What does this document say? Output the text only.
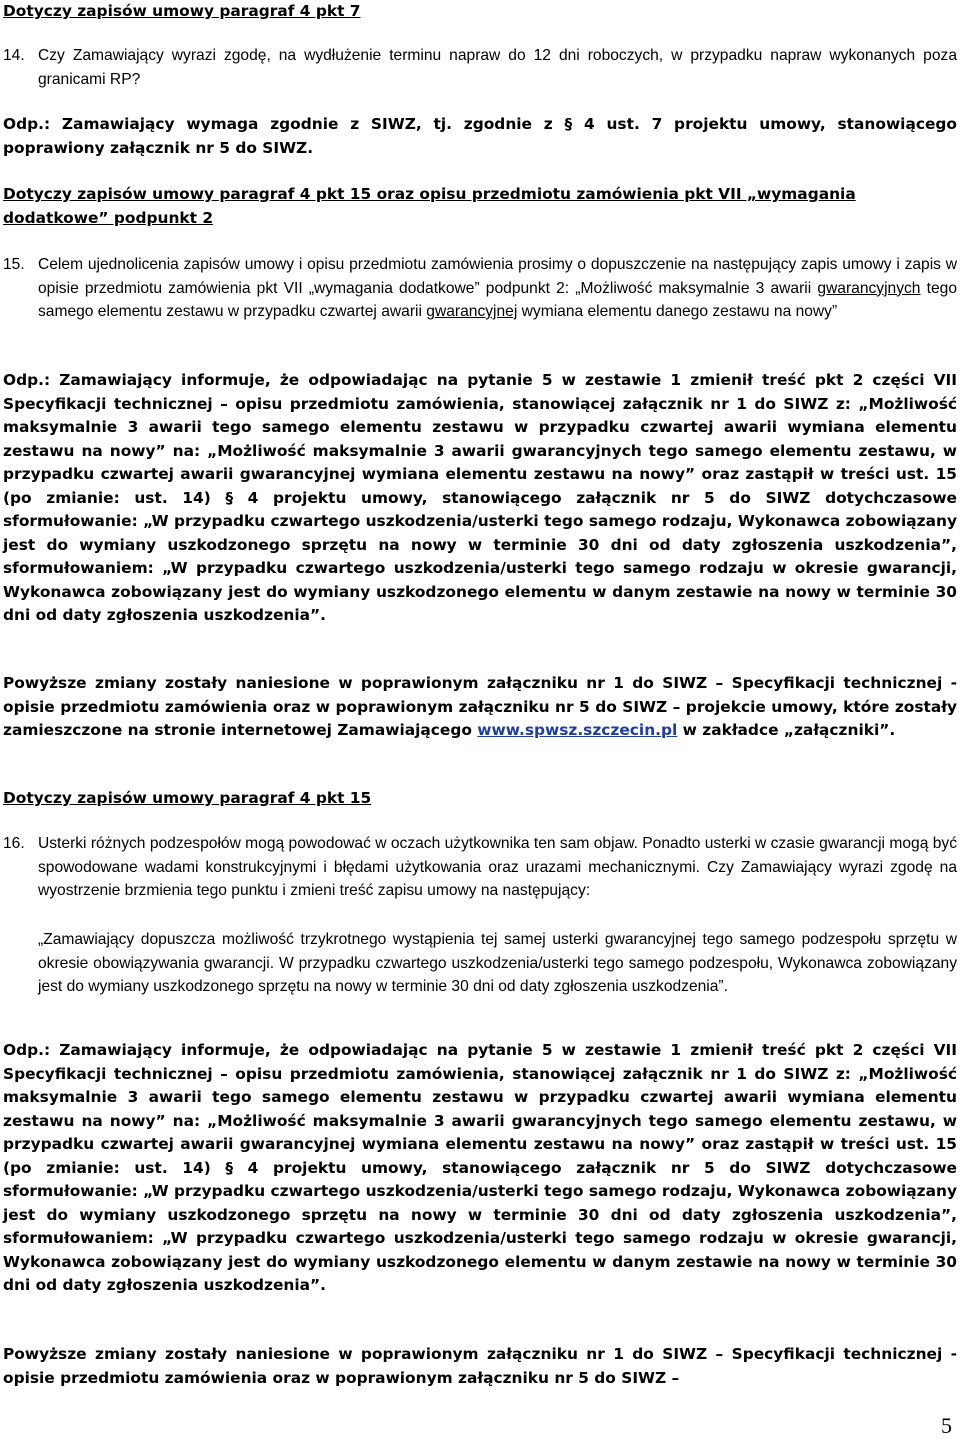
Dotyczy zapisów umowy paragraf 4 pkt 7
14. Czy Zamawiający wyrazi zgodę, na wydłużenie terminu napraw do 12 dni roboczych, w przypadku napraw wykonanych poza granicami RP?
Odp.: Zamawiający wymaga zgodnie z SIWZ, tj. zgodnie z § 4 ust. 7 projektu umowy, stanowiącego poprawiony załącznik nr 5 do SIWZ.
Dotyczy zapisów umowy paragraf 4 pkt 15 oraz opisu przedmiotu zamówienia pkt VII „wymagania dodatkowe” podpunkt 2
15. Celem ujednolicenia zapisów umowy i opisu przedmiotu zamówienia prosimy o dopuszczenie na następujący zapis umowy i zapis w opisie przedmiotu zamówienia pkt VII „wymagania dodatkowe” podpunkt 2: „Możliwość maksymalnie 3 awarii gwarancyjnych tego samego elementu zestawu w przypadku czwartej awarii gwarancyjnej wymiana elementu danego zestawu na nowy”
Odp.: Zamawiający informuje, że odpowiadając na pytanie 5 w zestawie 1 zmienił treść pkt 2 części VII Specyfikacji technicznej – opisu przedmiotu zamówienia, stanowiącej załącznik nr 1 do SIWZ z: „Możliwość maksymalnie 3 awarii tego samego elementu zestawu w przypadku czwartej awarii wymiana elementu zestawu na nowy” na: „Możliwość maksymalnie 3 awarii gwarancyjnych tego samego elementu zestawu, w przypadku czwartej awarii gwarancyjnej wymiana elementu zestawu na nowy” oraz zastąpił w treści ust. 15 (po zmianie: ust. 14) § 4 projektu umowy, stanowiącego załącznik nr 5 do SIWZ dotychczasowe sformułowanie: „W przypadku czwartego uszkodzenia/usterki tego samego rodzaju, Wykonawca zobowiązany jest do wymiany uszkodzonego sprzętu na nowy w terminie 30 dni od daty zgłoszenia uszkodzenia”, sformułowaniem: „W przypadku czwartego uszkodzenia/usterki tego samego rodzaju w okresie gwarancji, Wykonawca zobowiązany jest do wymiany uszkodzonego elementu w danym zestawie na nowy w terminie 30 dni od daty zgłoszenia uszkodzenia”.
Powyższe zmiany zostały naniesione w poprawionym załączniku nr 1 do SIWZ – Specyfikacji technicznej - opisie przedmiotu zamówienia oraz w poprawionym załączniku nr 5 do SIWZ – projekcie umowy, które zostały zamieszczone na stronie internetowej Zamawiającego www.spwsz.szczecin.pl w zakładce „załączniki”.
Dotyczy zapisów umowy paragraf 4 pkt 15
16. Usterki różnych podzespołów mogą powodować w oczach użytkownika ten sam objaw. Ponadto usterki w czasie gwarancji mogą być spowodowane wadami konstrukcyjnymi i błędami użytkowania oraz urazami mechanicznymi. Czy Zamawiający wyrazi zgodę na wyostrzenie brzmienia tego punktu i zmieni treść zapisu umowy na następujący:
„Zamawiający dopuszcza możliwość trzykrotnego wystąpienia tej samej usterki gwarancyjnej tego samego podzespołu sprzętu w okresie obowiązywania gwarancji. W przypadku czwartego uszkodzenia/usterki tego samego podzespołu, Wykonawca zobowiązany jest do wymiany uszkodzonego sprzętu na nowy w terminie 30 dni od daty zgłoszenia uszkodzenia”.
Odp.: Zamawiający informuje, że odpowiadając na pytanie 5 w zestawie 1 zmienił treść pkt 2 części VII Specyfikacji technicznej – opisu przedmiotu zamówienia, stanowiącej załącznik nr 1 do SIWZ z: „Możliwość maksymalnie 3 awarii tego samego elementu zestawu w przypadku czwartej awarii wymiana elementu zestawu na nowy” na: „Możliwość maksymalnie 3 awarii gwarancyjnych tego samego elementu zestawu, w przypadku czwartej awarii gwarancyjnej wymiana elementu zestawu na nowy” oraz zastąpił w treści ust. 15 (po zmianie: ust. 14) § 4 projektu umowy, stanowiącego załącznik nr 5 do SIWZ dotychczasowe sformułowanie: „W przypadku czwartego uszkodzenia/usterki tego samego rodzaju, Wykonawca zobowiązany jest do wymiany uszkodzonego sprzętu na nowy w terminie 30 dni od daty zgłoszenia uszkodzenia”, sformułowaniem: „W przypadku czwartego uszkodzenia/usterki tego samego rodzaju w okresie gwarancji, Wykonawca zobowiązany jest do wymiany uszkodzonego elementu w danym zestawie na nowy w terminie 30 dni od daty zgłoszenia uszkodzenia”.
Powyższe zmiany zostały naniesione w poprawionym załączniku nr 1 do SIWZ – Specyfikacji technicznej - opisie przedmiotu zamówienia oraz w poprawionym załączniku nr 5 do SIWZ –
5
